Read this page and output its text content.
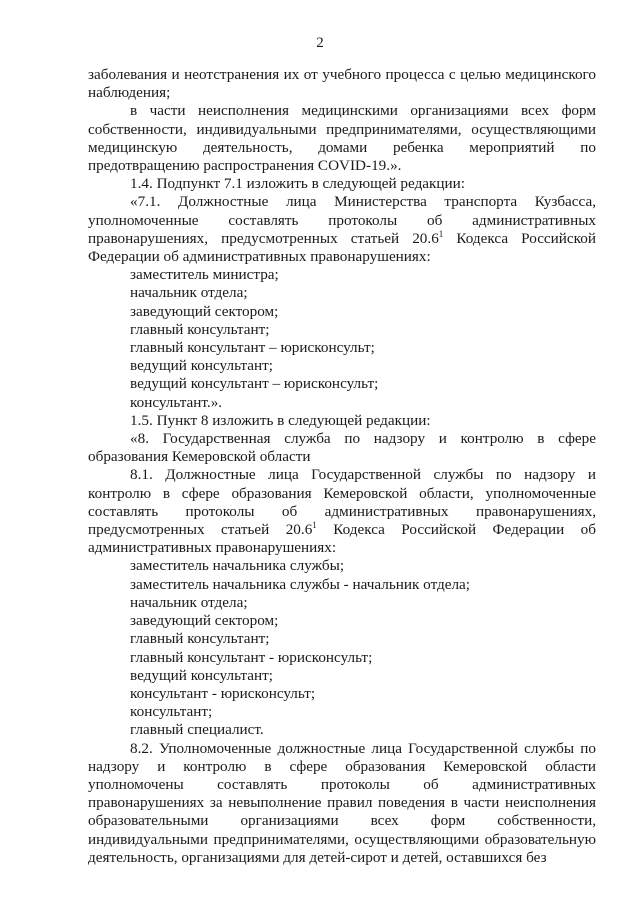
2

заболевания и неотстранения их от учебного процесса с целью медицинского наблюдения;

в части неисполнения медицинскими организациями всех форм собственности, индивидуальными предпринимателями, осуществляющими медицинскую деятельность, домами ребенка мероприятий по предотвращению распространения COVID-19.».

1.4. Подпункт 7.1 изложить в следующей редакции:

«7.1. Должностные лица Министерства транспорта Кузбасса, уполномоченные составлять протоколы об административных правонарушениях, предусмотренных статьей 20.6$^1$ Кодекса Российской Федерации об административных правонарушениях:

заместитель министра;

начальник отдела;

заведующий сектором;

главный консультант;

главный консультант – юрисконсульт;

ведущий консультант;

ведущий консультант – юрисконсульт;

консультант.».

1.5. Пункт 8 изложить в следующей редакции:

«8. Государственная служба по надзору и контролю в сфере образования Кемеровской области

8.1. Должностные лица Государственной службы по надзору и контролю в сфере образования Кемеровской области, уполномоченные составлять протоколы об административных правонарушениях, предусмотренных статьей 20.6$^1$ Кодекса Российской Федерации об административных правонарушениях:

заместитель начальника службы;

заместитель начальника службы - начальник отдела;

начальник отдела;

заведующий сектором;

главный консультант;

главный консультант - юрисконсульт;

ведущий консультант;

консультант - юрисконсульт;

консультант;

главный специалист.

8.2. Уполномоченные должностные лица Государственной службы по надзору и контролю в сфере образования Кемеровской области уполномочены составлять протоколы об административных правонарушениях за невыполнение правил поведения в части неисполнения образовательными организациями всех форм собственности, индивидуальными предпринимателями, осуществляющими образовательную деятельность, организациями для детей-сирот и детей, оставшихся без
